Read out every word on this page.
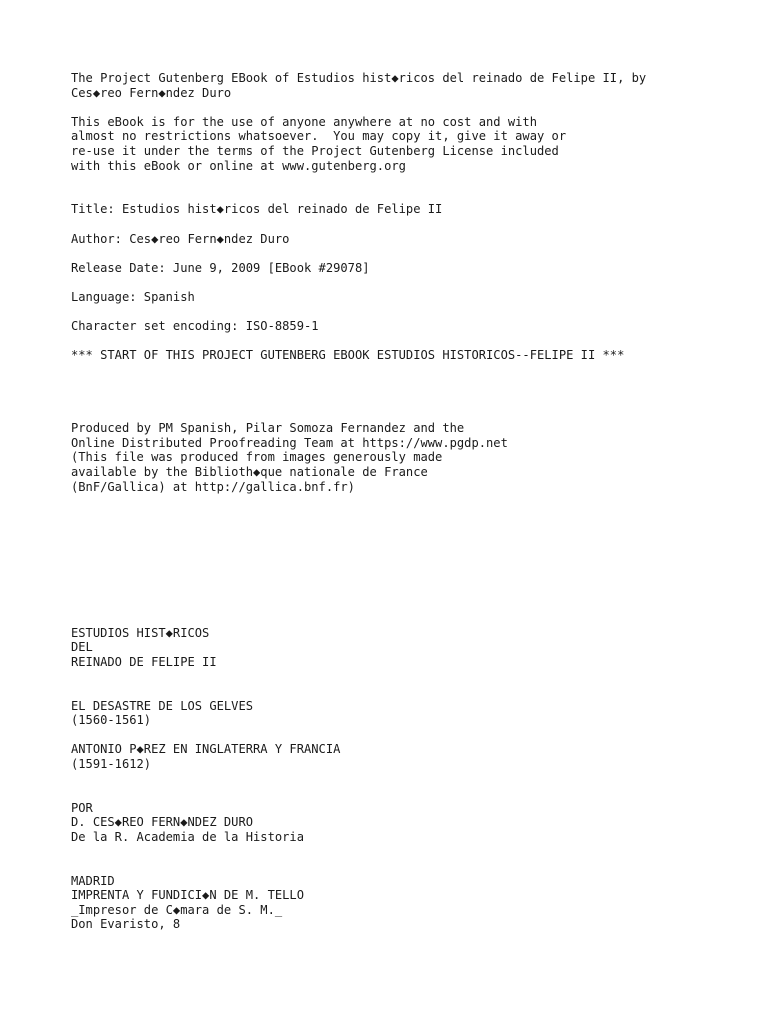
The Project Gutenberg EBook of Estudios hist◆ricos del reinado de Felipe II, by
Ces◆reo Fern◆ndez Duro

This eBook is for the use of anyone anywhere at no cost and with
almost no restrictions whatsoever.  You may copy it, give it away or
re-use it under the terms of the Project Gutenberg License included
with this eBook or online at www.gutenberg.org

Title: Estudios hist◆ricos del reinado de Felipe II

Author: Ces◆reo Fern◆ndez Duro

Release Date: June 9, 2009 [EBook #29078]

Language: Spanish

Character set encoding: ISO-8859-1

*** START OF THIS PROJECT GUTENBERG EBOOK ESTUDIOS HISTORICOS--FELIPE II ***

Produced by PM Spanish, Pilar Somoza Fernandez and the
Online Distributed Proofreading Team at https://www.pgdp.net
(This file was produced from images generously made
available by the Biblioth◆que nationale de France
(BnF/Gallica) at http://gallica.bnf.fr)

ESTUDIOS HIST◆RICOS
DEL
REINADO DE FELIPE II

EL DESASTRE DE LOS GELVES
(1560-1561)

ANTONIO P◆REZ EN INGLATERRA Y FRANCIA
(1591-1612)

POR
D. CES◆REO FERN◆NDEZ DURO
De la R. Academia de la Historia

MADRID
IMPRENTA Y FUNDICI◆N DE M. TELLO
_Impresor de C◆mara de S. M._
Don Evaristo, 8
